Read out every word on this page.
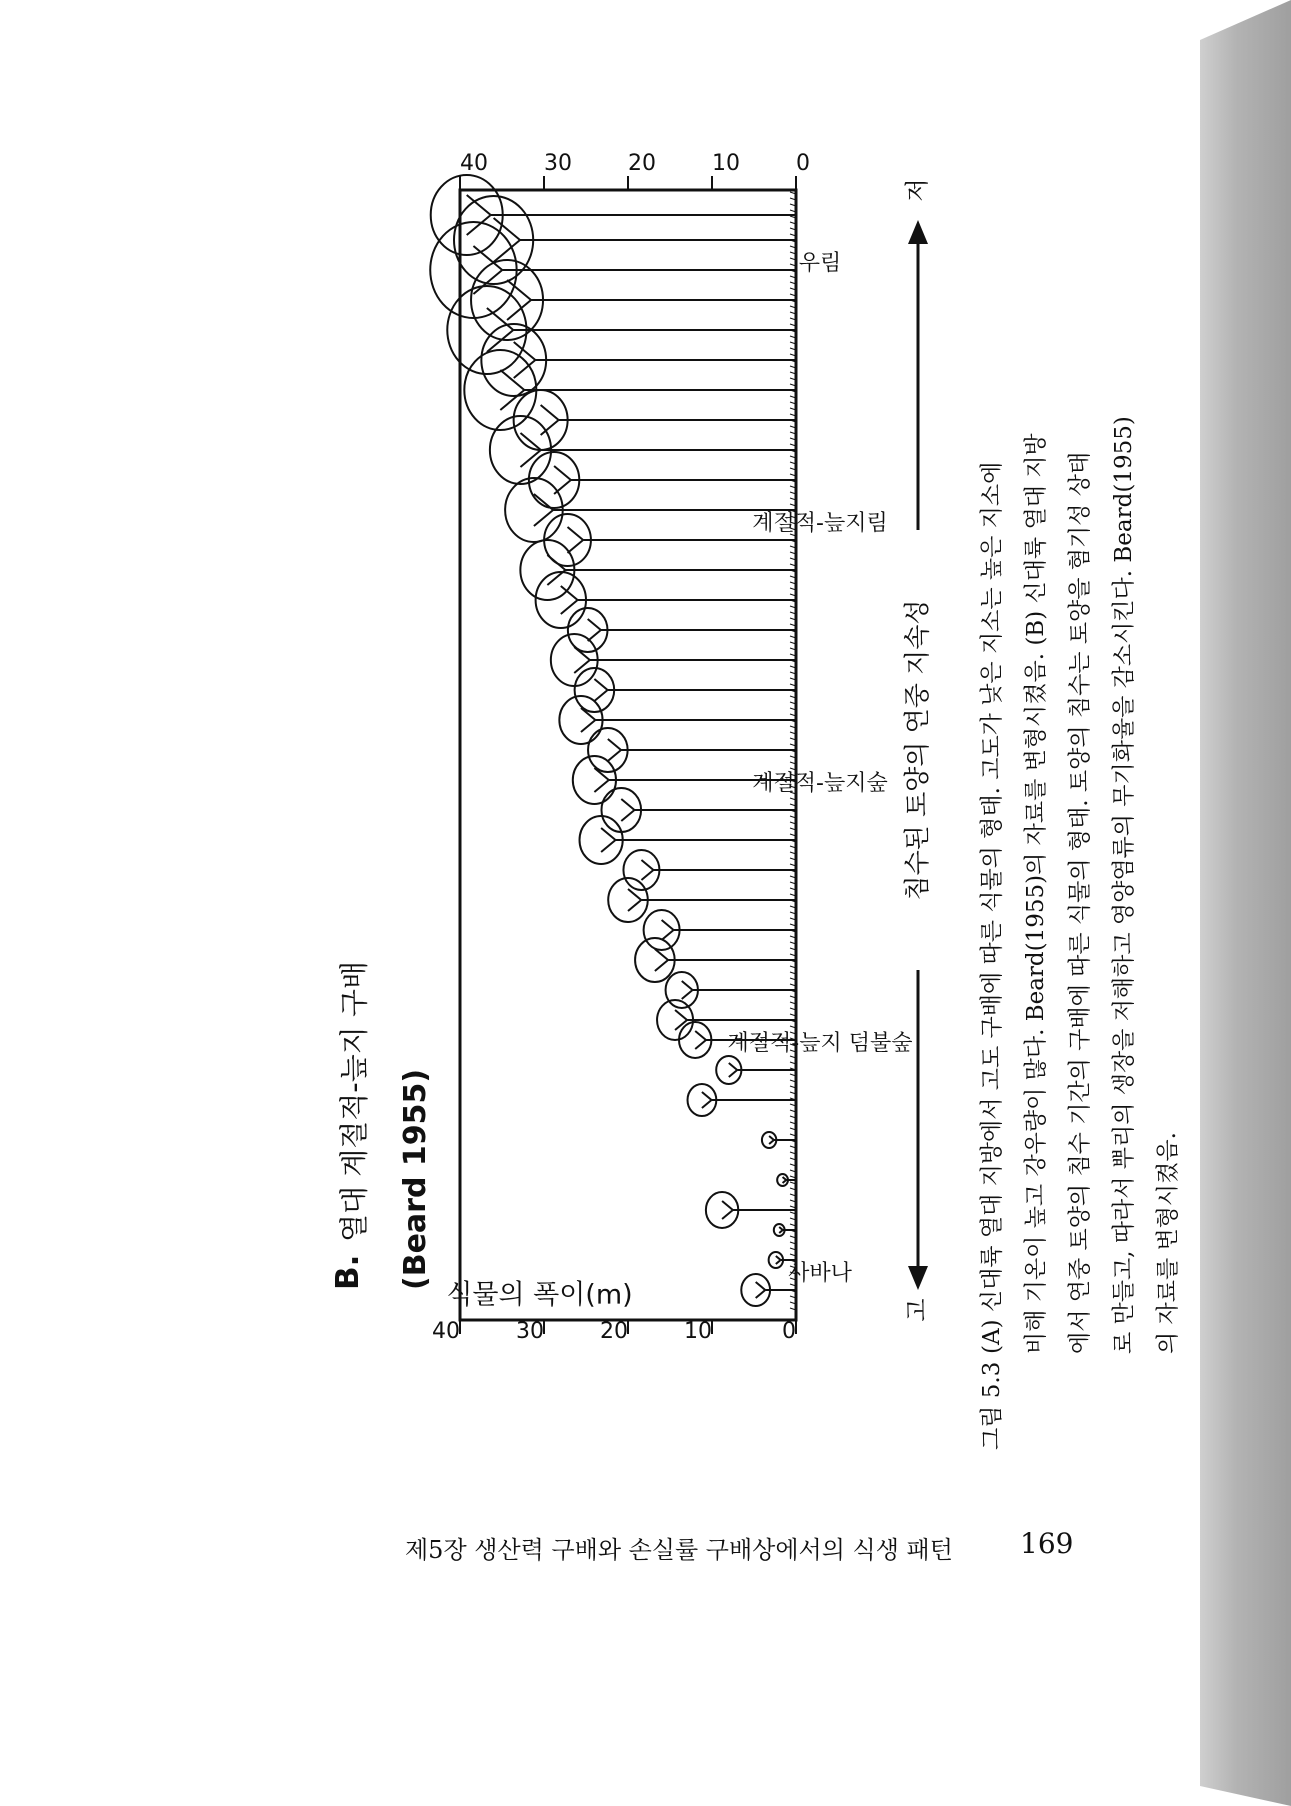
B.
열대 계절적-늪지 구배 (Beard 1955)
식물의 폭이(m)
40	30	20	10	0
40	30	20	10	0
사바나
계절적-늪지 덤불숲
계절적-늪지숲
계절적-늪지림
우림
고
침수된 토양의 연중 지속성
저
그림 5.3(A) 신대륙 열대 지방에서 고도 구배에 따른 식물의 형태. 고도가 낮은 지소는 높은 지소에 비해 기온이 높고 강우량이 많다. Beard(1955)의 자료를 변형시켰음. (B) 신대륙 열대 지방 에서 연중 토양의 침수 기간의 구배에 따른 식물의 형태. 토양의 침수는 토양을 혐기성 상태 로 만들고, 따라서 뿌리의 생장을 저해하고 영양염류의 무기화율을 감소시킨다. Beard(1955) 의 자료를 변형시켰음.
제5장 생산력 구배와 손실률 구배상에서의 식생 패턴 169
